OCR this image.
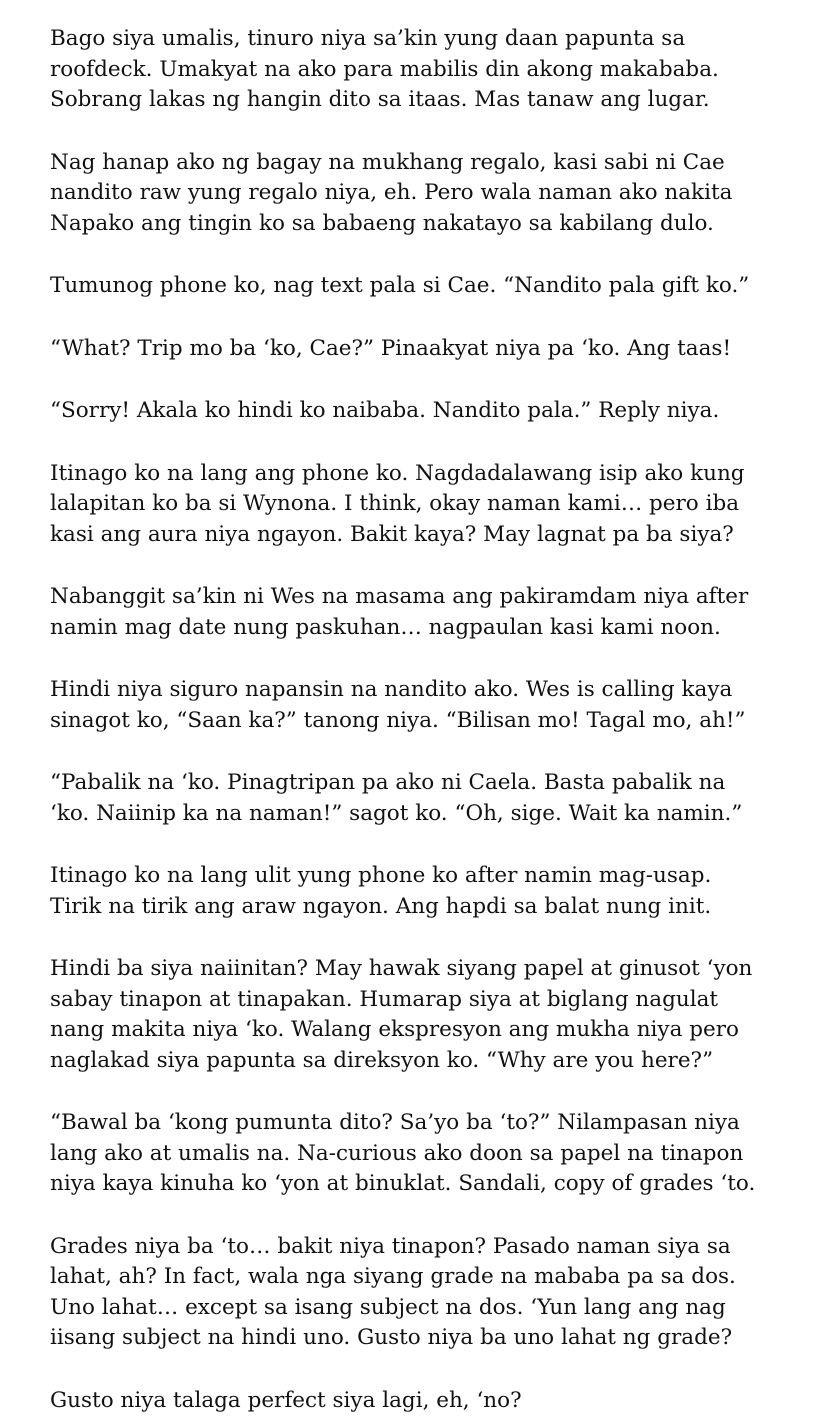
Bago siya umalis, tinuro niya sa’kin yung daan papunta sa
roofdeck. Umakyat na ako para mabilis din akong makababa.
Sobrang lakas ng hangin dito sa itaas. Mas tanaw ang lugar.

Nag hanap ako ng bagay na mukhang regalo, kasi sabi ni Cae
nandito raw yung regalo niya, eh. Pero wala naman ako nakita
Napako ang tingin ko sa babaeng nakatayo sa kabilang dulo.

Tumunog phone ko, nag text pala si Cae. “Nandito pala gift ko.”

“What? Trip mo ba ‘ko, Cae?” Pinaakyat niya pa ‘ko. Ang taas!

“Sorry! Akala ko hindi ko naibaba. Nandito pala.” Reply niya.

Itinago ko na lang ang phone ko. Nagdadalawang isip ako kung
lalapitan ko ba si Wynona. I think, okay naman kami… pero iba
kasi ang aura niya ngayon. Bakit kaya? May lagnat pa ba siya?

Nabanggit sa’kin ni Wes na masama ang pakiramdam niya after
namin mag date nung paskuhan… nagpaulan kasi kami noon.

Hindi niya siguro napansin na nandito ako. Wes is calling kaya
sinagot ko, “Saan ka?” tanong niya. “Bilisan mo! Tagal mo, ah!”

“Pabalik na ‘ko. Pinagtripan pa ako ni Caela. Basta pabalik na
‘ko. Naiinip ka na naman!” sagot ko. “Oh, sige. Wait ka namin.”

Itinago ko na lang ulit yung phone ko after namin mag-usap.
Tirik na tirik ang araw ngayon. Ang hapdi sa balat nung init.

Hindi ba siya naiinitan? May hawak siyang papel at ginusot ‘yon
sabay tinapon at tinapakan. Humarap siya at biglang nagulat
nang makita niya ‘ko. Walang ekspresyon ang mukha niya pero
naglakad siya papunta sa direksyon ko. “Why are you here?”

“Bawal ba ‘kong pumunta dito? Sa’yo ba ‘to?” Nilampasan niya
lang ako at umalis na. Na-curious ako doon sa papel na tinapon
niya kaya kinuha ko ‘yon at binuklat. Sandali, copy of grades ‘to.

Grades niya ba ‘to… bakit niya tinapon? Pasado naman siya sa
lahat, ah? In fact, wala nga siyang grade na mababa pa sa dos.
Uno lahat… except sa isang subject na dos. ‘Yun lang ang nag
iisang subject na hindi uno. Gusto niya ba uno lahat ng grade?

Gusto niya talaga perfect siya lagi, eh, ‘no?
